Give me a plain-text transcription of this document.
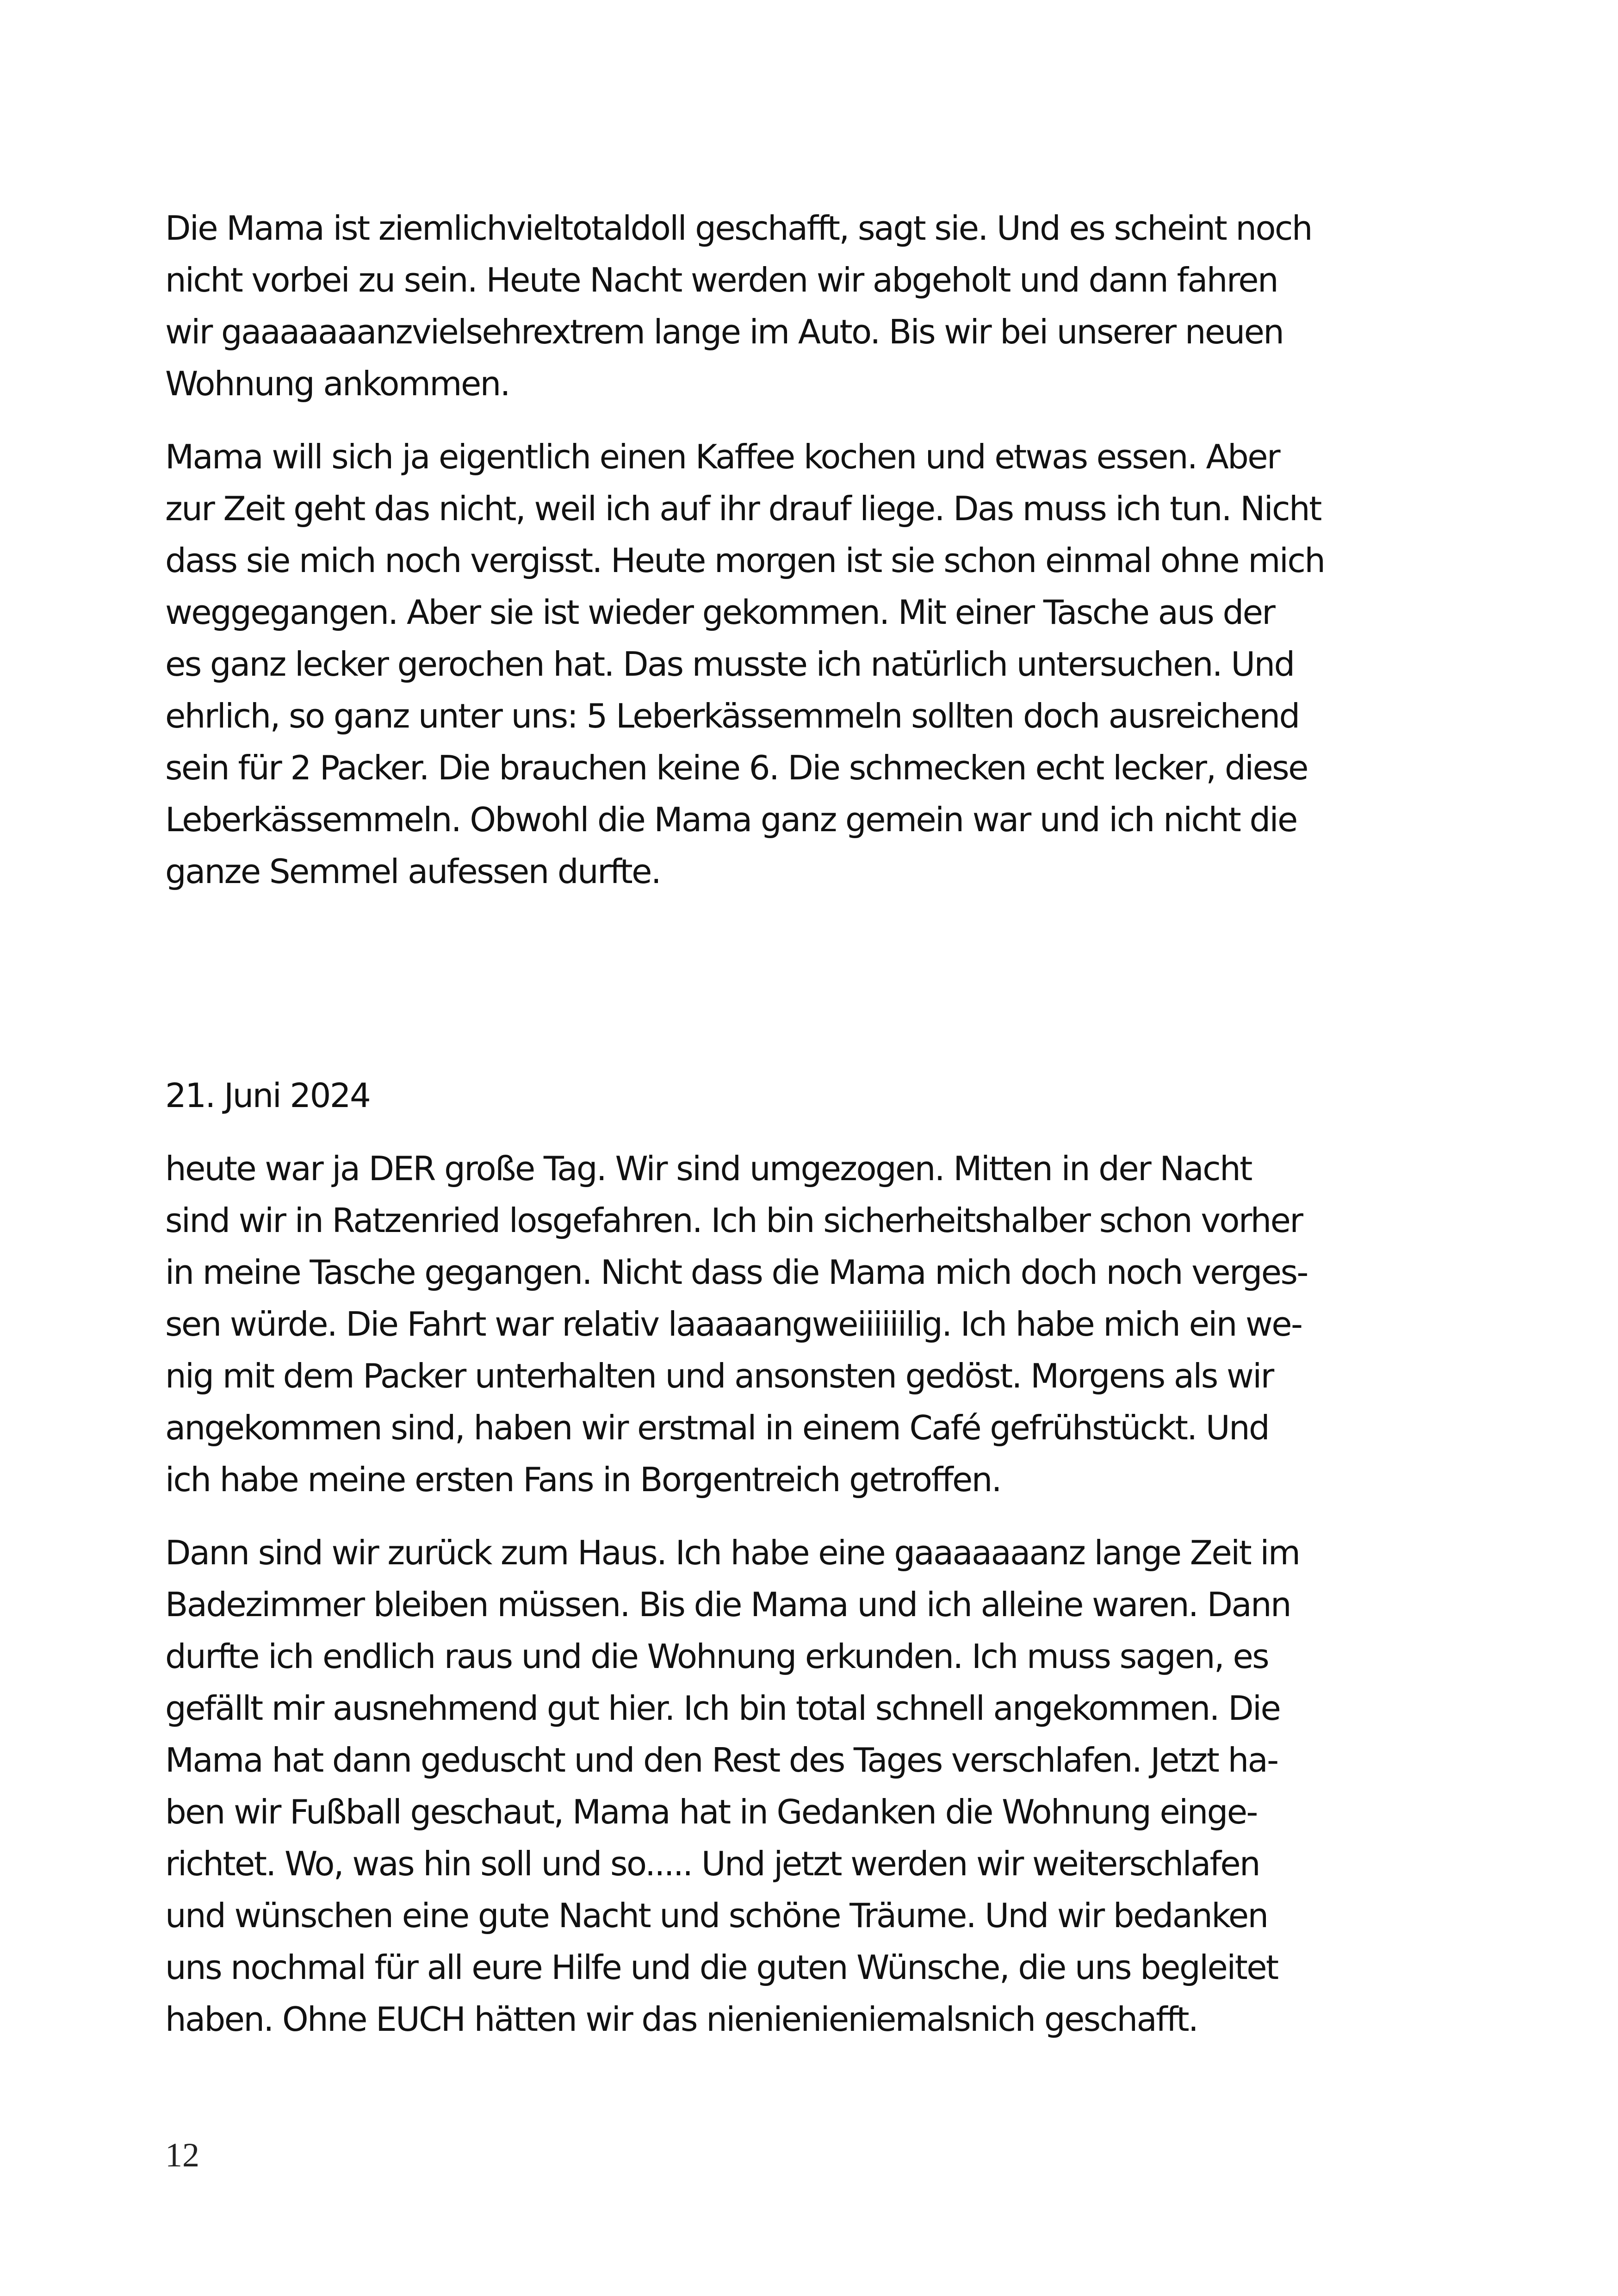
Die Mama ist ziemlichvieltotaldoll geschafft, sagt sie. Und es scheint noch

nicht vorbei zu sein. Heute Nacht werden wir abgeholt und dann fahren

wir gaaaaaaanzvielsehrextrem lange im Auto. Bis wir bei unserer neuen

Wohnung ankommen.

Mama will sich ja eigentlich einen Kaffee kochen und etwas essen. Aber

zur Zeit geht das nicht, weil ich auf ihr drauf liege. Das muss ich tun. Nicht

dass sie mich noch vergisst. Heute morgen ist sie schon einmal ohne mich

weggegangen. Aber sie ist wieder gekommen. Mit einer Tasche aus der

es ganz lecker gerochen hat. Das musste ich natürlich untersuchen. Und

ehrlich, so ganz unter uns: 5 Leberkässemmeln sollten doch ausreichend

sein für 2 Packer. Die brauchen keine 6. Die schmecken echt lecker, diese

Leberkässemmeln. Obwohl die Mama ganz gemein war und ich nicht die

ganze Semmel aufessen durfte.

21. Juni 2024

heute war ja DER große Tag. Wir sind umgezogen. Mitten in der Nacht

sind wir in Ratzenried losgefahren. Ich bin sicherheitshalber schon vorher

in meine Tasche gegangen. Nicht dass die Mama mich doch noch verges-

sen würde. Die Fahrt war relativ laaaaangweiiiiiilig. Ich habe mich ein we-

nig mit dem Packer unterhalten und ansonsten gedöst. Morgens als wir

angekommen sind, haben wir erstmal in einem Café gefrühstückt. Und

ich habe meine ersten Fans in Borgentreich getroffen.

Dann sind wir zurück zum Haus. Ich habe eine gaaaaaaanz lange Zeit im

Badezimmer bleiben müssen. Bis die Mama und ich alleine waren. Dann

durfte ich endlich raus und die Wohnung erkunden. Ich muss sagen, es

gefällt mir ausnehmend gut hier. Ich bin total schnell angekommen. Die

Mama hat dann geduscht und den Rest des Tages verschlafen. Jetzt ha-

ben wir Fußball geschaut, Mama hat in Gedanken die Wohnung einge-

richtet. Wo, was hin soll und so..... Und jetzt werden wir weiterschlafen

und wünschen eine gute Nacht und schöne Träume. Und wir bedanken

uns nochmal für all eure Hilfe und die guten Wünsche, die uns begleitet

haben. Ohne EUCH hätten wir das nienienieniemalsnich geschafft.

12
